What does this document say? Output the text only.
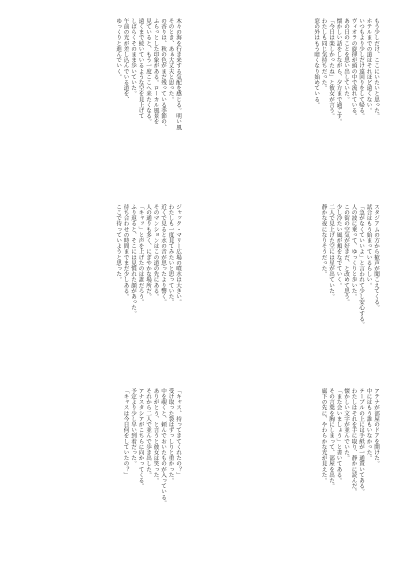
もう少しだけ、ここにいたいと思った。
ホテルまでの道はそれほど遠くない。
いつもより少しだけ遠回りをして帰る。
ヴィオラの旋律が頭の中で流れている。
あの日のことを思い出していた。
懐かしい話をしながら、夕方まで過ごす。
「今日は楽しかったね」と彼女が言う。
わたしも同じ気持ちだった。
窓の外はもう暗くなり始めている。
木々の海を行き来する気配を感じる。明い風
そのとき、あぁ大丈夫と思った。
の香りは、秋の色がまだ残っている季節の、
ふらっとした印象がある。ローカル風景を
見ていると、もう一度ここへ来たくなる。
遠くまで続いているような空を見上げて
しばらくそのまま歩いていた。
午前の光が差し込んでいる道を、
ゆっくりと進んでいく。
スタジアムの方から歓声が聞こえてくる。
試合はもう始まっているらしい。
「急がなくていいよ」と言われて少し安心する。
人の波に乗って、ゆっくりと歩いた。
この街の空気が好きだ、と改めて思う。
少し冷たい風が頬をなでていく。
二人で見上げた空には星が出ていた。
静かな夜になりそうだった。
ジャック・マリー広場の噴水は大きい。
わたしも一度見てみたいと思っていた。
近くで見ると水の音が思ったより響く。
そのマンションはこの道の先にある。
人の通りも多く、にぎやかな場所だ。
「キャッ」と声を上げたのは誰だろう。
ふり返ると、そこには見慣れた顔があった。
待ち合わせの時間までまだ少しある。
ここで待っていようと思った。
アテナが部屋のドアを開けた。
中にはもう誰もいなかった。
テーブルの上には手紙が一通置いてある。
わたしはそれを手に取り、静かに読んだ。
懐かしい文字が並んでいた。
「また会いましょう」と書いてある。
その言葉を胸にしまって、部屋を出た。
廊下の先に、やわらかな光が見えた。
「キャス、持ってきてくれたの？」
受け取った袋はずっしりと重かった。
中を覗くと、頼んでおいたものが入っている。
ありがとう、と言うと彼女は笑った。
それから二人で並んで歩き出した。
アナスタシアがこちらに向かってくる。
予定より少し早い到着だった。
「キャスは今日何をしていたの？」
